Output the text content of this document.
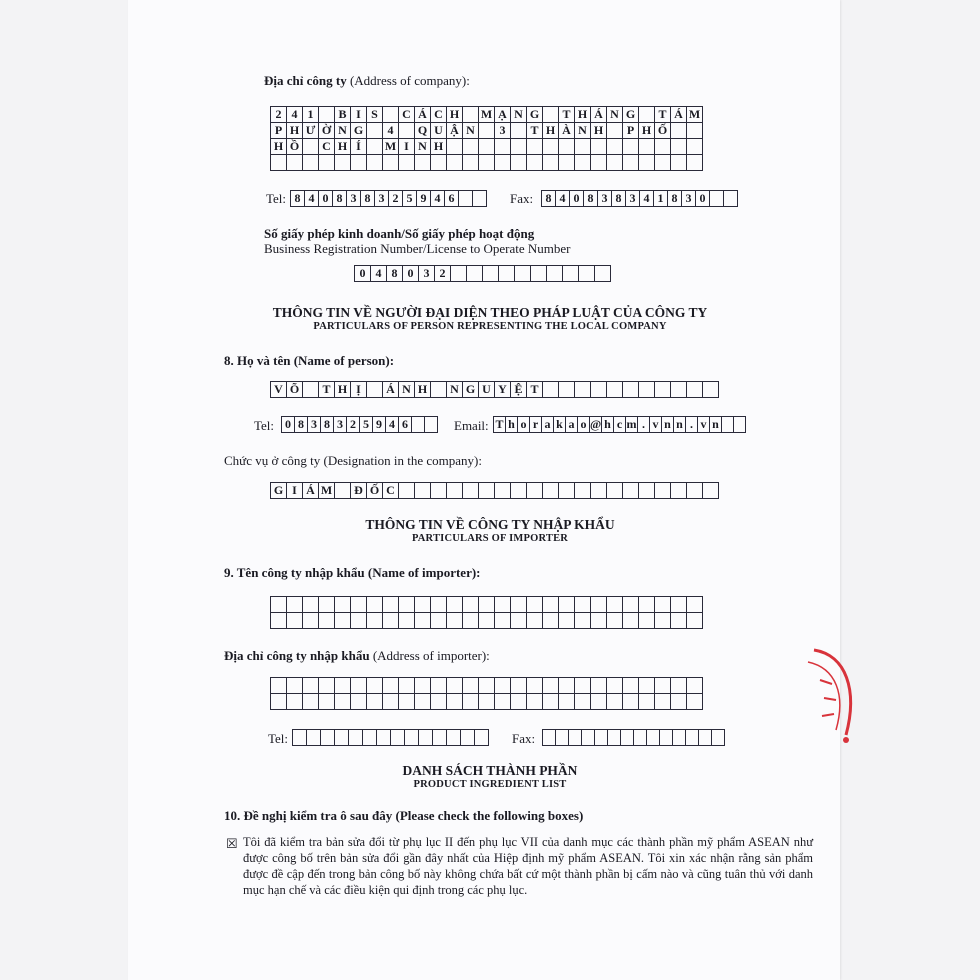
Địa chỉ công ty (Address of company):
2 4 1	B I S	C Á C H	M Ạ N G	T H Á N G	T Á M
P H Ư Ờ N G	4	Q U Ậ N	3	T H À N H	P H Ố
H Ồ	C H Í	M I N H
Tel: 8 4 0 8 3 8 3 2 5 9 4 6	Fax:	8 4 0 8 3 8 3 4 1 8 3 0
Số giấy phép kinh doanh/Số giấy phép hoạt động
Business Registration Number/License to Operate Number
0 4 8 0 3 2
THÔNG TIN VỀ NGƯỜI ĐẠI DIỆN THEO PHÁP LUẬT CỦA CÔNG TY
PARTICULARS OF PERSON REPRESENTING THE LOCAL COMPANY
8. Họ và tên (Name of person):
V Õ	T H Ị	Á N H	N G U Y Ệ T
Tel: 0 8 3 8 3 2 5 9 4 6	Email: T h o r a k a o @ h c m . v n n . v n
Chức vụ ở công ty (Designation in the company):
G I Á M	Đ Ố C
THÔNG TIN VỀ CÔNG TY NHẬP KHẨU
PARTICULARS OF IMPORTER
9. Tên công ty nhập khẩu (Name of importer):
Địa chỉ công ty nhập khẩu (Address of importer):
Tel:	Fax:
DANH SÁCH THÀNH PHẦN
PRODUCT INGREDIENT LIST
10. Đề nghị kiểm tra ô sau đây (Please check the following boxes)
☒ Tôi đã kiểm tra bản sửa đổi từ phụ lục II đến phụ lục VII của danh mục các thành phần mỹ phẩm ASEAN như được công bố trên bản sửa đổi gần đây nhất của Hiệp định mỹ phẩm ASEAN. Tôi xin xác nhận rằng sản phẩm được đề cập đến trong bản công bố này không chứa bất cứ một thành phần bị cấm nào và cũng tuân thủ với danh mục hạn chế và các điều kiện qui định trong các phụ lục.
